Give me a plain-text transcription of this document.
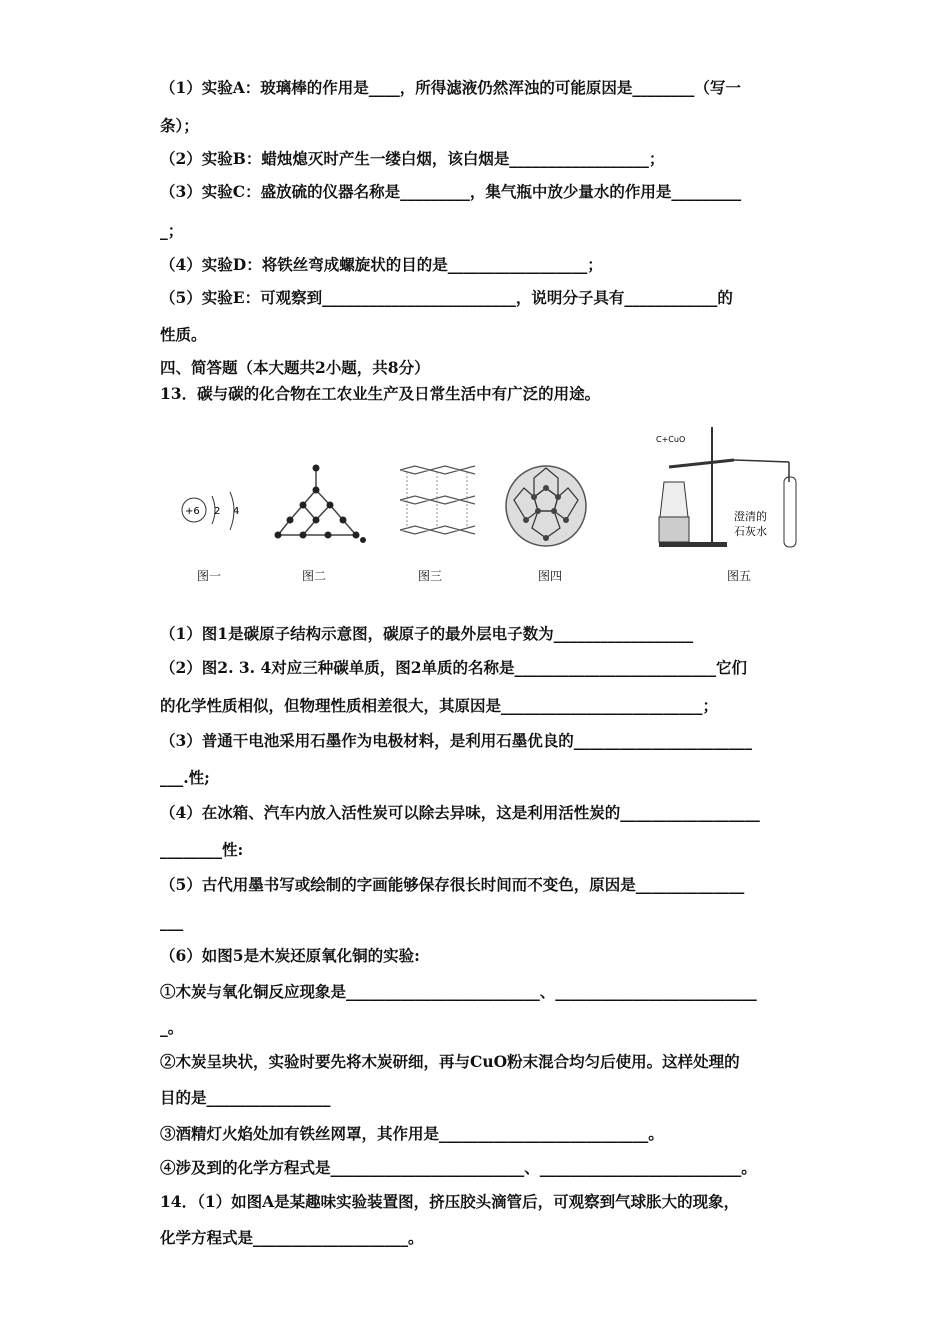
（1）实验A：玻璃棒的作用是____，所得滤液仍然浑浊的可能原因是________（写一
条）；
（2）实验B：蜡烛熄灭时产生一缕白烟，该白烟是__________________；
（3）实验C：盛放硫的仪器名称是_________，集气瓶中放少量水的作用是_________
_；
（4）实验D：将铁丝弯成螺旋状的目的是__________________；
（5）实验E：可观察到_________________________，说明分子具有____________的
性质。
四、简答题（本大题共2小题，共8分）
13．碳与碳的化合物在工农业生产及日常生活中有广泛的用途。
+6 2 4
图一	图二	图三	图四
C+CuO
澄清的
石灰水
图五
（1）图1是碳原子结构示意图，碳原子的最外层电子数为__________________
（2）图2. 3. 4对应三种碳单质，图2单质的名称是__________________________它们
的化学性质相似，但物理性质相差很大，其原因是__________________________；
（3）普通干电池采用石墨作为电极材料，是利用石墨优良的_______________________
___.性;
（4）在冰箱、汽车内放入活性炭可以除去异味，这是利用活性炭的__________________
________性:
（5）古代用墨书写或绘制的字画能够保存很长时间而不变色，原因是______________
___
（6）如图5是木炭还原氧化铜的实验:
①木炭与氧化铜反应现象是_________________________、__________________________
_。
②木炭呈块状，实验时要先将木炭研细，再与CuO粉末混合均匀后使用。这样处理的
目的是________________
③酒精灯火焰处加有铁丝网罩，其作用是___________________________。
④涉及到的化学方程式是_________________________、__________________________。
14．（1）如图A是某趣味实验装置图，挤压胶头滴管后，可观察到气球胀大的现象，
化学方程式是____________________。
